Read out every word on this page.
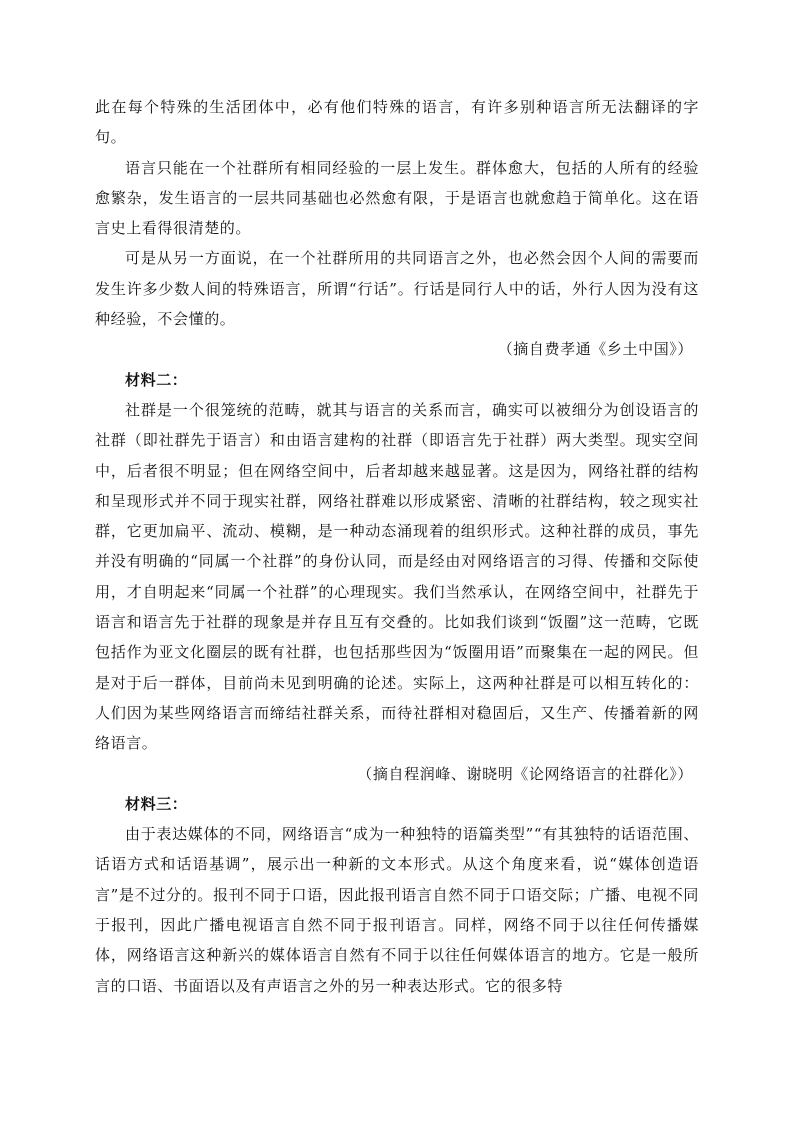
此在每个特殊的生活团体中，必有他们特殊的语言，有许多别种语言所无法翻译的字句。

语言只能在一个社群所有相同经验的一层上发生。群体愈大，包括的人所有的经验愈繁杂，发生语言的一层共同基础也必然愈有限，于是语言也就愈趋于简单化。这在语言史上看得很清楚的。

可是从另一方面说，在一个社群所用的共同语言之外，也必然会因个人间的需要而发生许多少数人间的特殊语言，所谓“行话”。行话是同行人中的话，外行人因为没有这种经验，不会懂的。

（摘自费孝通《乡土中国》）

材料二：

社群是一个很笼统的范畴，就其与语言的关系而言，确实可以被细分为创设语言的社群（即社群先于语言）和由语言建构的社群（即语言先于社群）两大类型。现实空间中，后者很不明显；但在网络空间中，后者却越来越显著。这是因为，网络社群的结构和呈现形式并不同于现实社群，网络社群难以形成紧密、清晰的社群结构，较之现实社群，它更加扁平、流动、模糊，是一种动态涌现着的组织形式。这种社群的成员，事先并没有明确的“同属一个社群”的身份认同，而是经由对网络语言的习得、传播和交际使用，才自明起来“同属一个社群”的心理现实。我们当然承认，在网络空间中，社群先于语言和语言先于社群的现象是并存且互有交叠的。比如我们谈到“饭圈”这一范畴，它既包括作为亚文化圈层的既有社群，也包括那些因为“饭圈用语”而聚集在一起的网民。但是对于后一群体，目前尚未见到明确的论述。实际上，这两种社群是可以相互转化的：人们因为某些网络语言而缔结社群关系，而待社群相对稳固后，又生产、传播着新的网络语言。

（摘自程润峰、谢晓明《论网络语言的社群化》）

材料三：

由于表达媒体的不同，网络语言“成为一种独特的语篇类型”“有其独特的话语范围、话语方式和话语基调”，展示出一种新的文本形式。从这个角度来看，说“媒体创造语言”是不过分的。报刊不同于口语，因此报刊语言自然不同于口语交际；广播、电视不同于报刊，因此广播电视语言自然不同于报刊语言。同样，网络不同于以往任何传播媒体，网络语言这种新兴的媒体语言自然有不同于以往任何媒体语言的地方。它是一般所言的口语、书面语以及有声语言之外的另一种表达形式。它的很多特
